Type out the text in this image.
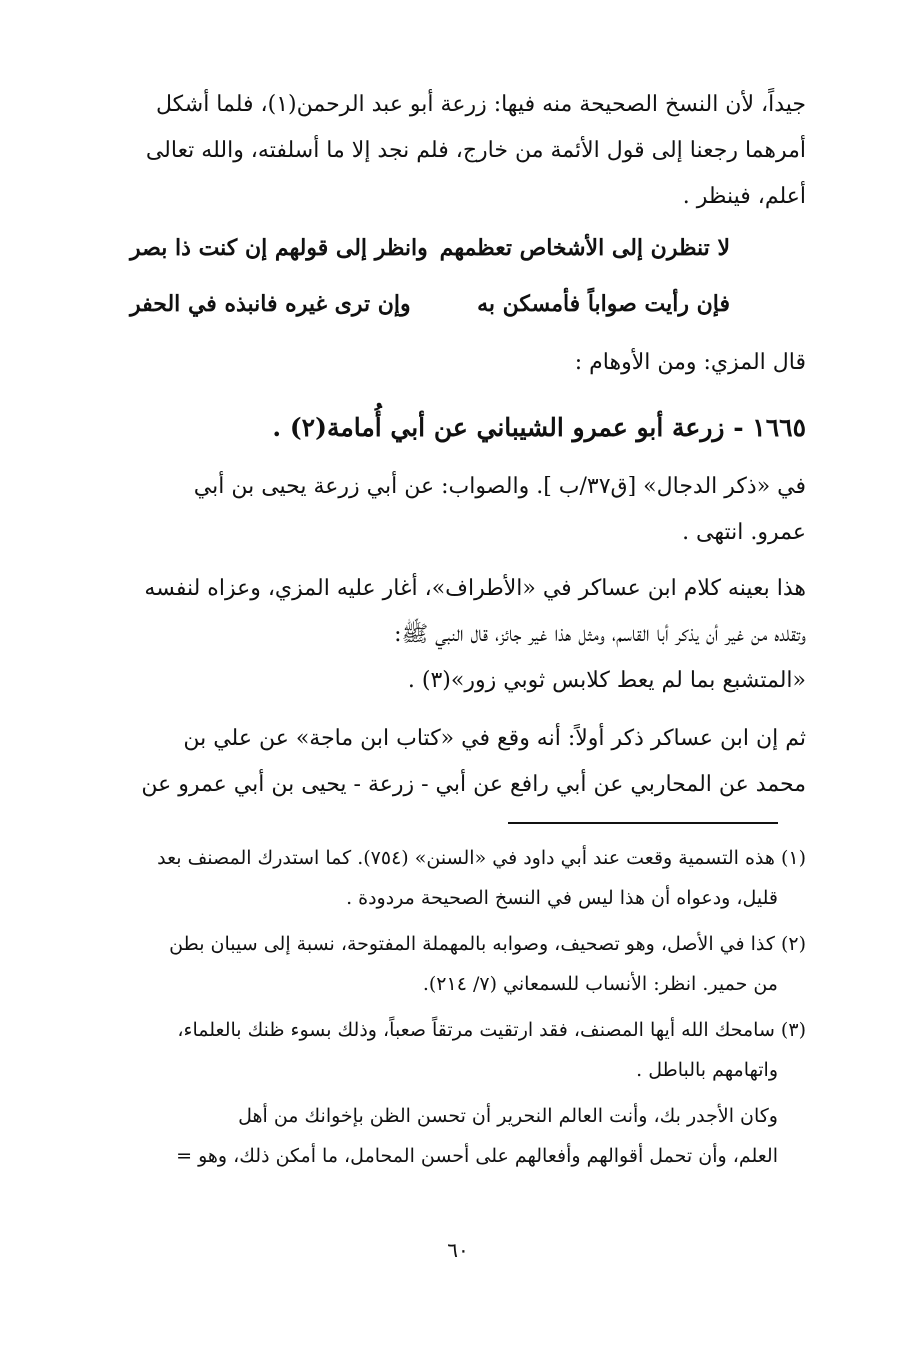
جيداً، لأن النسخ الصحيحة منه فيها: زرعة أبو عبد الرحمن(١)، فلما أشكل

أمرهما رجعنا إلى قول الأئمة من خارج، فلم نجد إلا ما أسلفته، والله تعالى

أعلم، فينظر .

لا تنظرن إلى الأشخاص تعظمهم
وانظر إلى قولهم إن كنت ذا بصر
فإن رأيت صواباً فأمسكن به
وإن ترى غيره فانبذه في الحفر

قال المزي: ومن الأوهام :

١٦٦٥ - زرعة أبو عمرو الشيباني عن أبي أُمامة(٢) .

في «ذكر الدجال» [ق٣٧/ب ]. والصواب: عن أبي زرعة يحيى بن أبي

عمرو. انتهى .

هذا بعينه كلام ابن عساكر في «الأطراف»، أغار عليه المزي، وعزاه لنفسه

وتقلده من غير أن يذكر أبا القاسم، ومثل هذا غير جائز، قال النبي ﷺ:

«المتشبع بما لم يعط كلابس ثوبي زور»(٣) .

ثم إن ابن عساكر ذكر أولاً: أنه وقع في «كتاب ابن ماجة» عن علي بن

محمد عن المحاربي عن أبي رافع عن أبي - زرعة - يحيى بن أبي عمرو عن

(١) هذه التسمية وقعت عند أبي داود في «السنن» (٧٥٤). كما استدرك المصنف بعد

قليل، ودعواه أن هذا ليس في النسخ الصحيحة مردودة .

(٢) كذا في الأصل، وهو تصحيف، وصوابه بالمهملة المفتوحة، نسبة إلى سيبان بطن

من حمير. انظر: الأنساب للسمعاني (٧/ ٢١٤).

(٣) سامحك الله أيها المصنف، فقد ارتقيت مرتقاً صعباً، وذلك بسوء ظنك بالعلماء،

واتهامهم بالباطل .

وكان الأجدر بك، وأنت العالم النحرير أن تحسن الظن بإخوانك من أهل

العلم، وأن تحمل أقوالهم وأفعالهم على أحسن المحامل، ما أمكن ذلك، وهو =

٦٠
